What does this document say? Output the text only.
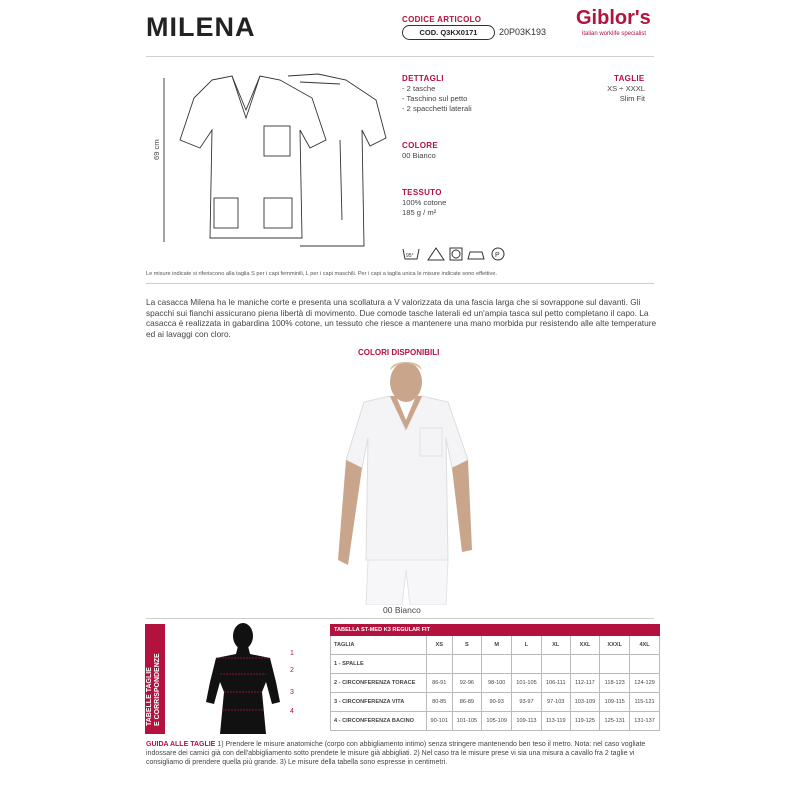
MILENA	CODICE ARTICOLO
COD. Q3KX0171	20P03K193
Giblor's
italian worklife specialist
69 cm
DETTAGLI
- 2 tasche
- Taschino sul petto
- 2 spacchetti laterali
TAGLIE
XS ÷ XXXL
Slim Fit
COLORE
00 Bianco
TESSUTO
100% cotone
185 g / m²
95°	P
Le misure indicate si riferiscono alla taglia S per i capi femminili, L per i capi maschili. Per i capi a taglia unica le misure indicate sono effettive.
La casacca Milena ha le maniche corte e presenta una scollatura a V valorizzata da una fascia larga che si sovrappone sul davanti. Gli spacchi sui fianchi assicurano piena libertà di movimento. Due comode tasche laterali ed un'ampia tasca sul petto completano il capo. La casacca è realizzata in gabardina 100% cotone, un tessuto che riesce a mantenere una mano morbida pur resistendo alle alte temperature ed ai lavaggi con cloro.
COLORI DISPONIBILI
00 Bianco
TABELLE TAGLIE E CORRISPONDENZE	1
2
3
4
TABELLA ST-MED K3 REGULAR FIT								
TAGLIA	XS	S	M	L	XL	XXL	XXXL	4XL
1 - SPALLE								
2 - CIRCONFERENZA TORACE	86-91	92-96	98-100	101-105	106-111	112-117	118-123	124-129
3 - CIRCONFERENZA VITA	80-85	86-89	90-93	93-97	97-103	103-109	109-115	115-121
4 - CIRCONFERENZA BACINO	90-101	101-105	105-109	109-113	113-119	119-125	125-131	131-137
GUIDA ALLE TAGLIE 1) Prendere le misure anatomiche (corpo con abbigliamento intimo) senza stringere mantenendo ben teso il metro. Nota: nel caso vogliate indossare dei camici già con dell'abbigliamento sotto prendete le misure già abbigliati. 2) Nel caso tra le misure prese vi sia una misura a cavallo fra 2 taglie vi consigliamo di prendere quella più grande. 3) Le misure della tabella sono espresse in centimetri.
